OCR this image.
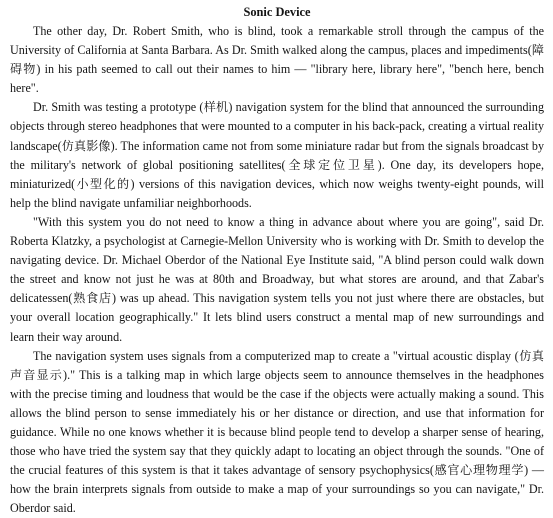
Sonic Device

The other day, Dr. Robert Smith, who is blind, took a remarkable stroll through the campus of the University of California at Santa Barbara. As Dr. Smith walked along the campus, places and impediments(障碍物) in his path seemed to call out their names to him — "library here, library here", "bench here, bench here".

Dr. Smith was testing a prototype (样机) navigation system for the blind that announced the surrounding objects through stereo headphones that were mounted to a computer in his back-pack, creating a virtual reality landscape(仿真影像). The information came not from some miniature radar but from the signals broadcast by the military's network of global positioning satellites(全球定位卫星). One day, its developers hope, miniaturized(小型化的) versions of this navigation devices, which now weighs twenty-eight pounds, will help the blind navigate unfamiliar neighborhoods.

"With this system you do not need to know a thing in advance about where you are going", said Dr. Roberta Klatzky, a psychologist at Carnegie-Mellon University who is working with Dr. Smith to develop the navigating device. Dr. Michael Oberdor of the National Eye Institute said, "A blind person could walk down the street and know not just he was at 80th and Broadway, but what stores are around, and that Zabar's delicatessen(熟食店) was up ahead. This navigation system tells you not just where there are obstacles, but your overall location geographically." It lets blind users construct a mental map of new surroundings and learn their way around.

The navigation system uses signals from a computerized map to create a "virtual acoustic display (仿真声音显示)." This is a talking map in which large objects seem to announce themselves in the headphones with the precise timing and loudness that would be the case if the objects were actually making a sound. This allows the blind person to sense immediately his or her distance or direction, and use that information for guidance. While no one knows whether it is because blind people tend to develop a sharper sense of hearing, those who have tried the system say that they quickly adapt to locating an object through the sounds. "One of the crucial features of this system is that it takes advantage of sensory psychophysics(感官心理物理学) — how the brain interprets signals from outside to make a map of your surroundings so you can navigate," Dr. Oberdor said.
